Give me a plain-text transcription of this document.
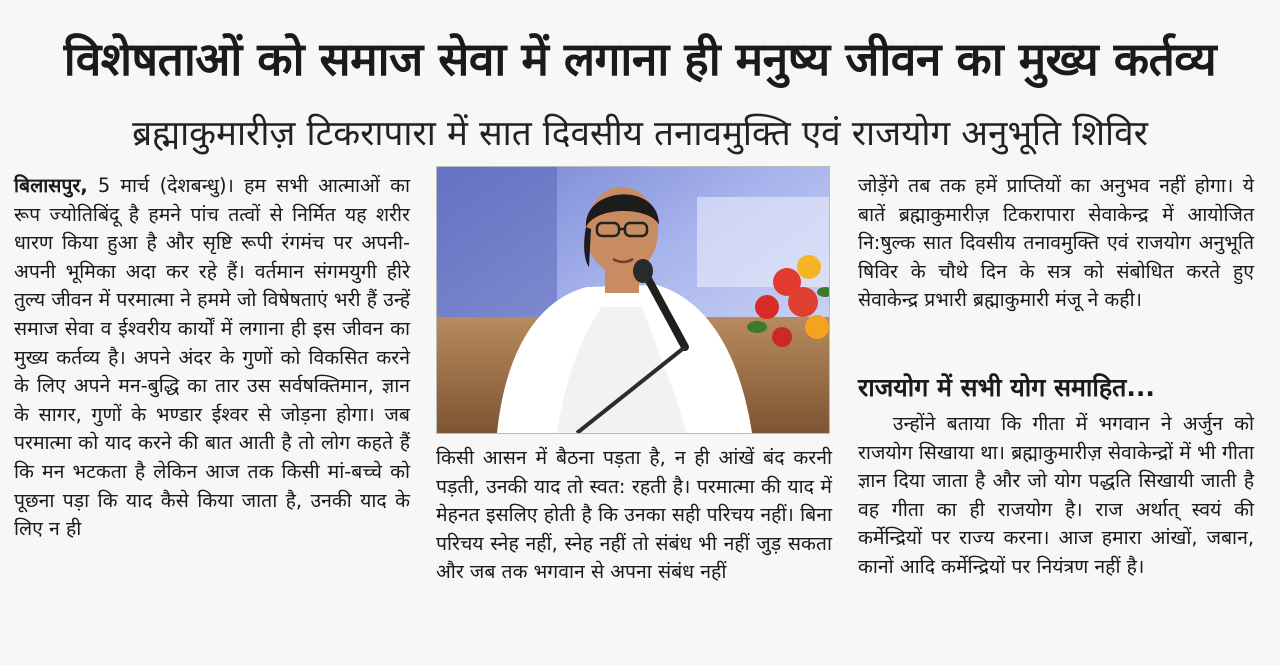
विशेषताओं को समाज सेवा में लगाना ही मनुष्य जीवन का मुख्य कर्तव्य
ब्रह्माकुमारीज़ टिकरापारा में सात दिवसीय तनावमुक्ति एवं राजयोग अनुभूति शिविर

बिलासपुर, 5 मार्च (देशबन्धु)। हम सभी आत्माओं का रूप ज्योतिबिंदू है हमने पांच तत्वों से निर्मित यह शरीर धारण किया हुआ है और सृष्टि रूपी रंगमंच पर अपनी-अपनी भूमिका अदा कर रहे हैं। वर्तमान संगमयुगी हीरे तुल्य जीवन में परमात्मा ने हममे जो विषेषताएं भरी हैं उन्हें समाज सेवा व ईश्वरीय कार्यों में लगाना ही इस जीवन का मुख्य कर्तव्य है। अपने अंदर के गुणों को विकसित करने के लिए अपने मन-बुद्धि का तार उस सर्वषक्तिमान, ज्ञान के सागर, गुणों के भण्डार ईश्वर से जोड़ना होगा। जब परमात्मा को याद करने की बात आती है तो लोग कहते हैं कि मन भटकता है लेकिन आज तक किसी मां-बच्चे को पूछना पड़ा कि याद कैसे किया जाता है, उनकी याद के लिए न ही

किसी आसन में बैठना पड़ता है, न ही आंखें बंद करनी पड़ती, उनकी याद तो स्वत: रहती है। परमात्मा की याद में मेहनत इसलिए होती है कि उनका सही परिचय नहीं। बिना परिचय स्नेह नहीं, स्नेह नहीं तो संबंध भी नहीं जुड़ सकता और जब तक भगवान से अपना संबंध नहीं

जोड़ेंगे तब तक हमें प्राप्तियों का अनुभव नहीं होगा। ये बातें ब्रह्माकुमारीज़ टिकरापारा सेवाकेन्द्र में आयोजित नि:षुल्क सात दिवसीय तनावमुक्ति एवं राजयोग अनुभूति षिविर के चौथे दिन के सत्र को संबोधित करते हुए सेवाकेन्द्र प्रभारी ब्रह्माकुमारी मंजू ने कही।

राजयोग में सभी योग समाहित...

उन्होंने बताया कि गीता में भगवान ने अर्जुन को राजयोग सिखाया था। ब्रह्माकुमारीज़ सेवाकेन्द्रों में भी गीता ज्ञान दिया जाता है और जो योग पद्धति सिखायी जाती है वह गीता का ही राजयोग है। राज अर्थात् स्वयं की कर्मेन्द्रियों पर राज्य करना। आज हमारा आंखों, जबान, कानों आदि कर्मेन्द्रियों पर नियंत्रण नहीं है।
